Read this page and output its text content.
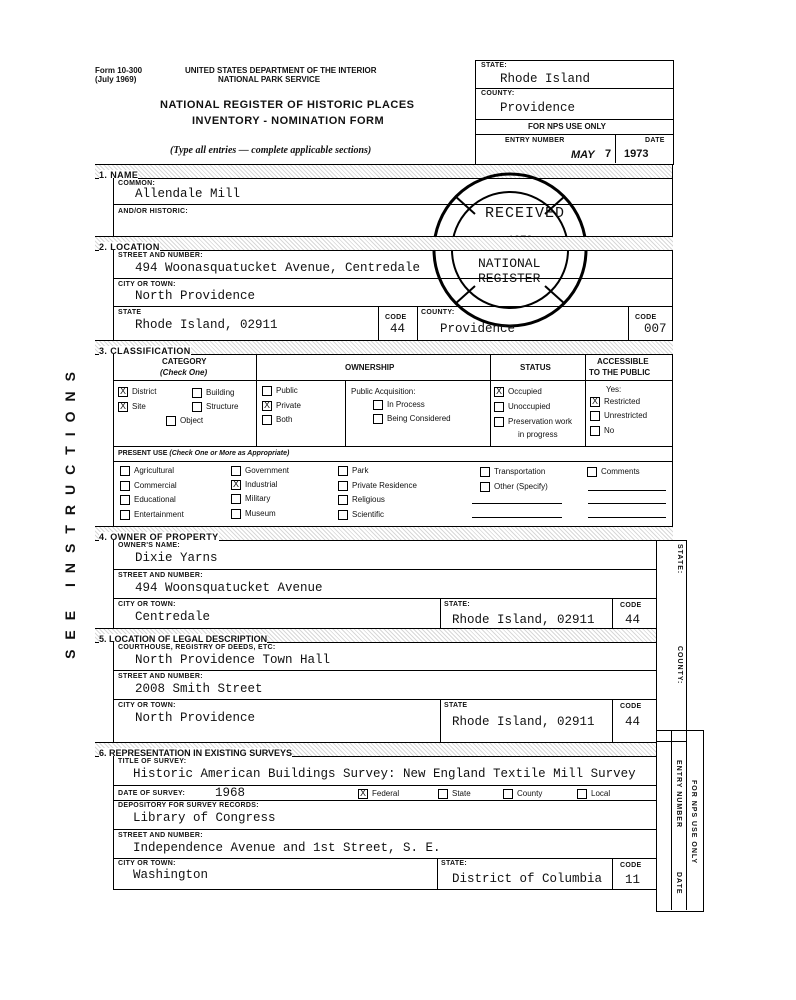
Form 10-300
(July 1969)
UNITED STATES DEPARTMENT OF THE INTERIOR
NATIONAL PARK SERVICE
NATIONAL REGISTER OF HISTORIC PLACES
INVENTORY - NOMINATION FORM
(Type all entries — complete applicable sections)
STATE:
Rhode Island
COUNTY:
Providence
FOR NPS USE ONLY
ENTRY NUMBER	DATE
MAY 7 1973
SEE INSTRUCTIONS
1. NAME
COMMON:
Allendale Mill
AND/OR HISTORIC:	RECEIVED
NATIONAL
REGISTER
2. LOCATION
STREET AND NUMBER:
494 Woonasquatucket Avenue, Centredale
CITY OR TOWN:
North Providence
STATE
Rhode Island, 02911
CODE
44
COUNTY:
Providence
CODE
007
3. CLASSIFICATION
CATEGORY
(Check One)
OWNERSHIP	STATUS
ACCESSIBLE
TO THE PUBLIC
X District
X Site
Building
Structure
Object
Public
X Private
Both
Public Acquisition:
In Process
Being Considered
X Occupied
Unoccupied
Preservation work
in progress
Yes:
X Restricted
Unrestricted
No
PRESENT USE (Check One or More as Appropriate)
Agricultural
Commercial
Educational
Entertainment
Government
X Industrial
Military
Museum
Park
Private Residence
Religious
Scientific
Transportation
Other (Specify)
Comments
4. OWNER OF PROPERTY
STATE:
OWNER'S NAME:
Dixie Yarns
STREET AND NUMBER:
494 Woonsquatucket Avenue
CITY OR TOWN:
Centredale
STATE:
Rhode Island, 02911
CODE
44
5. LOCATION OF LEGAL DESCRIPTION
COUNTY:
COURTHOUSE, REGISTRY OF DEEDS, ETC:
North Providence Town Hall
STREET AND NUMBER:
2008 Smith Street
CITY OR TOWN:
North Providence
STATE
Rhode Island, 02911
CODE
44
6. REPRESENTATION IN EXISTING SURVEYS
ENTRY NUMBER
DATE
FOR NPS USE ONLY
TITLE OF SURVEY:
Historic American Buildings Survey: New England Textile Mill Survey
DATE OF SURVEY: 1968	X Federal	State	County	Local
DEPOSITORY FOR SURVEY RECORDS:
Library of Congress
STREET AND NUMBER:
Independence Avenue and 1st Street, S. E.
CITY OR TOWN:
Washington
STATE:
District of Columbia
CODE
11
